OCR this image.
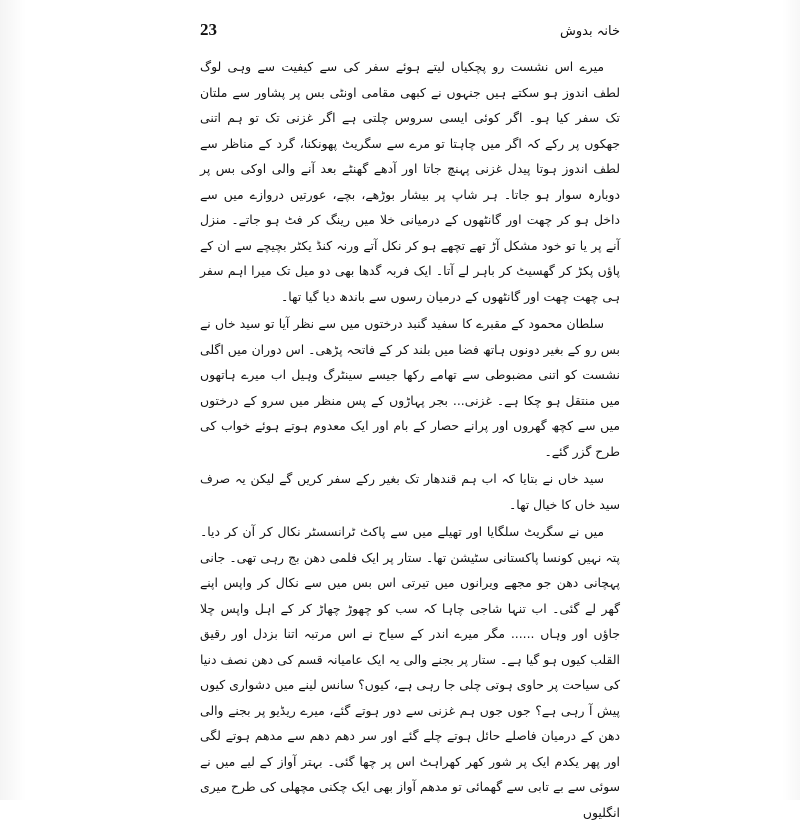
خانہ بدوش
23

میرے اس نشست رو پچکیاں لیتے ہوئے سفر کی سے کیفیت سے وہی لوگ لطف اندوز ہو سکتے ہیں جنہوں نے کبھی مقامی اونٹی بس پر پشاور سے ملتان تک سفر کیا ہو۔ اگر کوئی ایسی سروس چلتی ہے اگر غزنی تک تو ہم اتنی جھکوں پر رکے کہ اگر میں چاہتا تو مرے سے سگریٹ پھونکنا، گرد کے مناظر سے لطف اندوز ہوتا پیدل غزنی پہنچ جاتا اور آدھے گھنٹے بعد آنے والی اوکی بس پر دوبارہ سوار ہو جاتا۔ ہر شاپ پر بیشار بوڑھے، بچے، عورتیں دروازے میں سے داخل ہو کر چھت اور گانٹھوں کے درمیانی خلا میں رینگ کر فٹ ہو جاتے۔ منزل آنے پر یا تو خود مشکل آڑ تھے تچھے ہو کر نکل آتے ورنہ کنڈ یکٹر بچیچے سے ان کے پاؤں پکڑ کر گھسیٹ کر باہر لے آتا۔ ایک فربہ گدھا بھی دو میل تک میرا اہم سفر ہی چھت چھت اور گانٹھوں کے درمیان رسوں سے باندھ دیا گیا تھا۔

سلطان محمود کے مقبرے کا سفید گنبد درختوں میں سے نظر آیا تو سید خاں نے بس رو کے بغیر دونوں ہاتھ فضا میں بلند کر کے فاتحہ پڑھی۔ اس دوران میں اگلی نشست کو اتنی مضبوطی سے تھامے رکھا جیسے سینٹرگ وہیل اب میرے ہاتھوں میں منتقل ہو چکا ہے۔ غزنی... بجر پہاڑوں کے پس منظر میں سرو کے درختوں میں سے کچھ گھروں اور پرانے حصار کے بام اور ایک معدوم ہوتے ہوئے خواب کی طرح گزر گئے۔

سید خاں نے بتایا کہ اب ہم قندھار تک بغیر رکے سفر کریں گے لیکن یہ صرف سید خاں کا خیال تھا۔

میں نے سگریٹ سلگایا اور تھیلے میں سے پاکٹ ٹرانسسٹر نکال کر آن کر دیا۔ پتہ نہیں کونسا پاکستانی سٹیشن تھا۔ ستار پر ایک فلمی دھن بج رہی تھی۔ جانی پہچانی دھن جو مجھے ویرانوں میں تیرتی اس بس میں سے نکال کر واپس اپنے گھر لے گئی۔ اب تنہا شاجی چاہا کہ سب کو چھوڑ چھاڑ کر کے اہل واپس چلا جاؤں اور وہاں ...... مگر میرے اندر کے سیاح نے اس مرتبہ اتنا بزدل اور رقیق القلب کیوں ہو گیا ہے۔ ستار پر بجنے والی یہ ایک عامیانہ قسم کی دھن نصف دنیا کی سیاحت پر حاوی ہوتی چلی جا رہی ہے، کیوں؟ سانس لینے میں دشواری کیوں پیش آ رہی ہے؟ جوں جوں ہم غزنی سے دور ہوتے گئے، میرے ریڈیو پر بجنے والی دھن کے درمیان فاصلے حائل ہوتے چلے گئے اور سر دھم دھم سے مدھم ہوتے لگی اور پھر یکدم ایک پر شور کھر کھراہٹ اس پر چھا گئی۔ بہتر آواز کے لیے میں نے سوئی سے بے تابی سے گھمائی تو مدھم آواز بھی ایک چکنی مچھلی کی طرح میری انگلیوں
